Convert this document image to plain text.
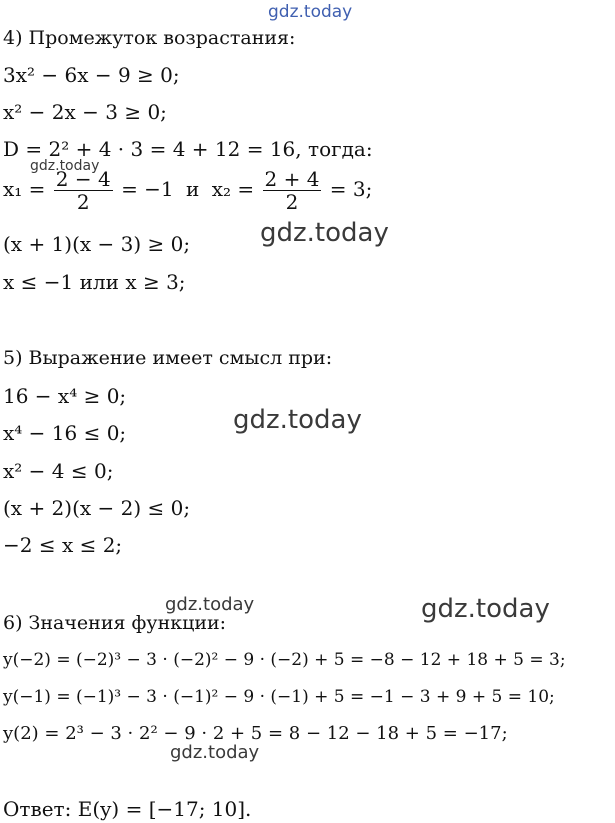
gdz.today
gdz.today
gdz.today
gdz.today
gdz.today	gdz.today
gdz.today
4) Промежуток возрастания:
3x² − 6x − 9 ≥ 0;
x² − 2x − 3 ≥ 0;
D = 2² + 4 · 3 = 4 + 12 = 16, тогда:
$x_1 = \frac{2 - 4}{2} = -1$ и $x_2 = \frac{2 + 4}{2} = 3$;
(x + 1)(x − 3) ≥ 0;
x ≤ −1 или x ≥ 3;
5) Выражение имеет смысл при:
16 − x⁴ ≥ 0;
x⁴ − 16 ≤ 0;
x² − 4 ≤ 0;
(x + 2)(x − 2) ≤ 0;
−2 ≤ x ≤ 2;
6) Значения функции:
y(−2) = (−2)³ − 3 · (−2)² − 9 · (−2) + 5 = −8 − 12 + 18 + 5 = 3;
y(−1) = (−1)³ − 3 · (−1)² − 9 · (−1) + 5 = −1 − 3 + 9 + 5 = 10;
y(2) = 2³ − 3 · 2² − 9 · 2 + 5 = 8 − 12 − 18 + 5 = −17;
Ответ: E(y) = [−17; 10].
